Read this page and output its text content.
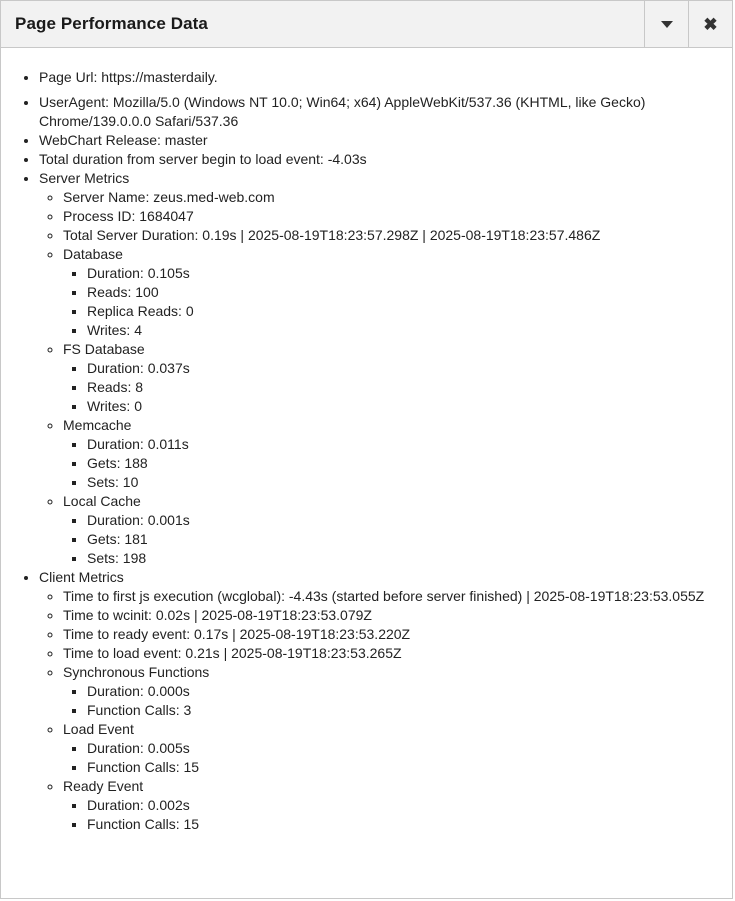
Page Performance Data	✖
• Page Url: https://masterdaily.
• UserAgent: Mozilla/5.0 (Windows NT 10.0; Win64; x64) AppleWebKit/537.36 (KHTML, like Gecko) Chrome/139.0.0.0 Safari/537.36
• WebChart Release: master
• Total duration from server begin to load event: -4.03s
• Server Metrics
◦ Server Name: zeus.med-web.com
◦ Process ID: 1684047
◦ Total Server Duration: 0.19s | 2025-08-19T18:23:57.298Z | 2025-08-19T18:23:57.486Z
◦ Database
▪ Duration: 0.105s
▪ Reads: 100
▪ Replica Reads: 0
▪ Writes: 4
◦ FS Database
▪ Duration: 0.037s
▪ Reads: 8
▪ Writes: 0
◦ Memcache
▪ Duration: 0.011s
▪ Gets: 188
▪ Sets: 10
◦ Local Cache
▪ Duration: 0.001s
▪ Gets: 181
▪ Sets: 198
• Client Metrics
◦ Time to first js execution (wcglobal): -4.43s (started before server finished) | 2025-08-19T18:23:53.055Z
◦ Time to wcinit: 0.02s | 2025-08-19T18:23:53.079Z
◦ Time to ready event: 0.17s | 2025-08-19T18:23:53.220Z
◦ Time to load event: 0.21s | 2025-08-19T18:23:53.265Z
◦ Synchronous Functions
▪ Duration: 0.000s
▪ Function Calls: 3
◦ Load Event
▪ Duration: 0.005s
▪ Function Calls: 15
◦ Ready Event
▪ Duration: 0.002s
▪ Function Calls: 15
